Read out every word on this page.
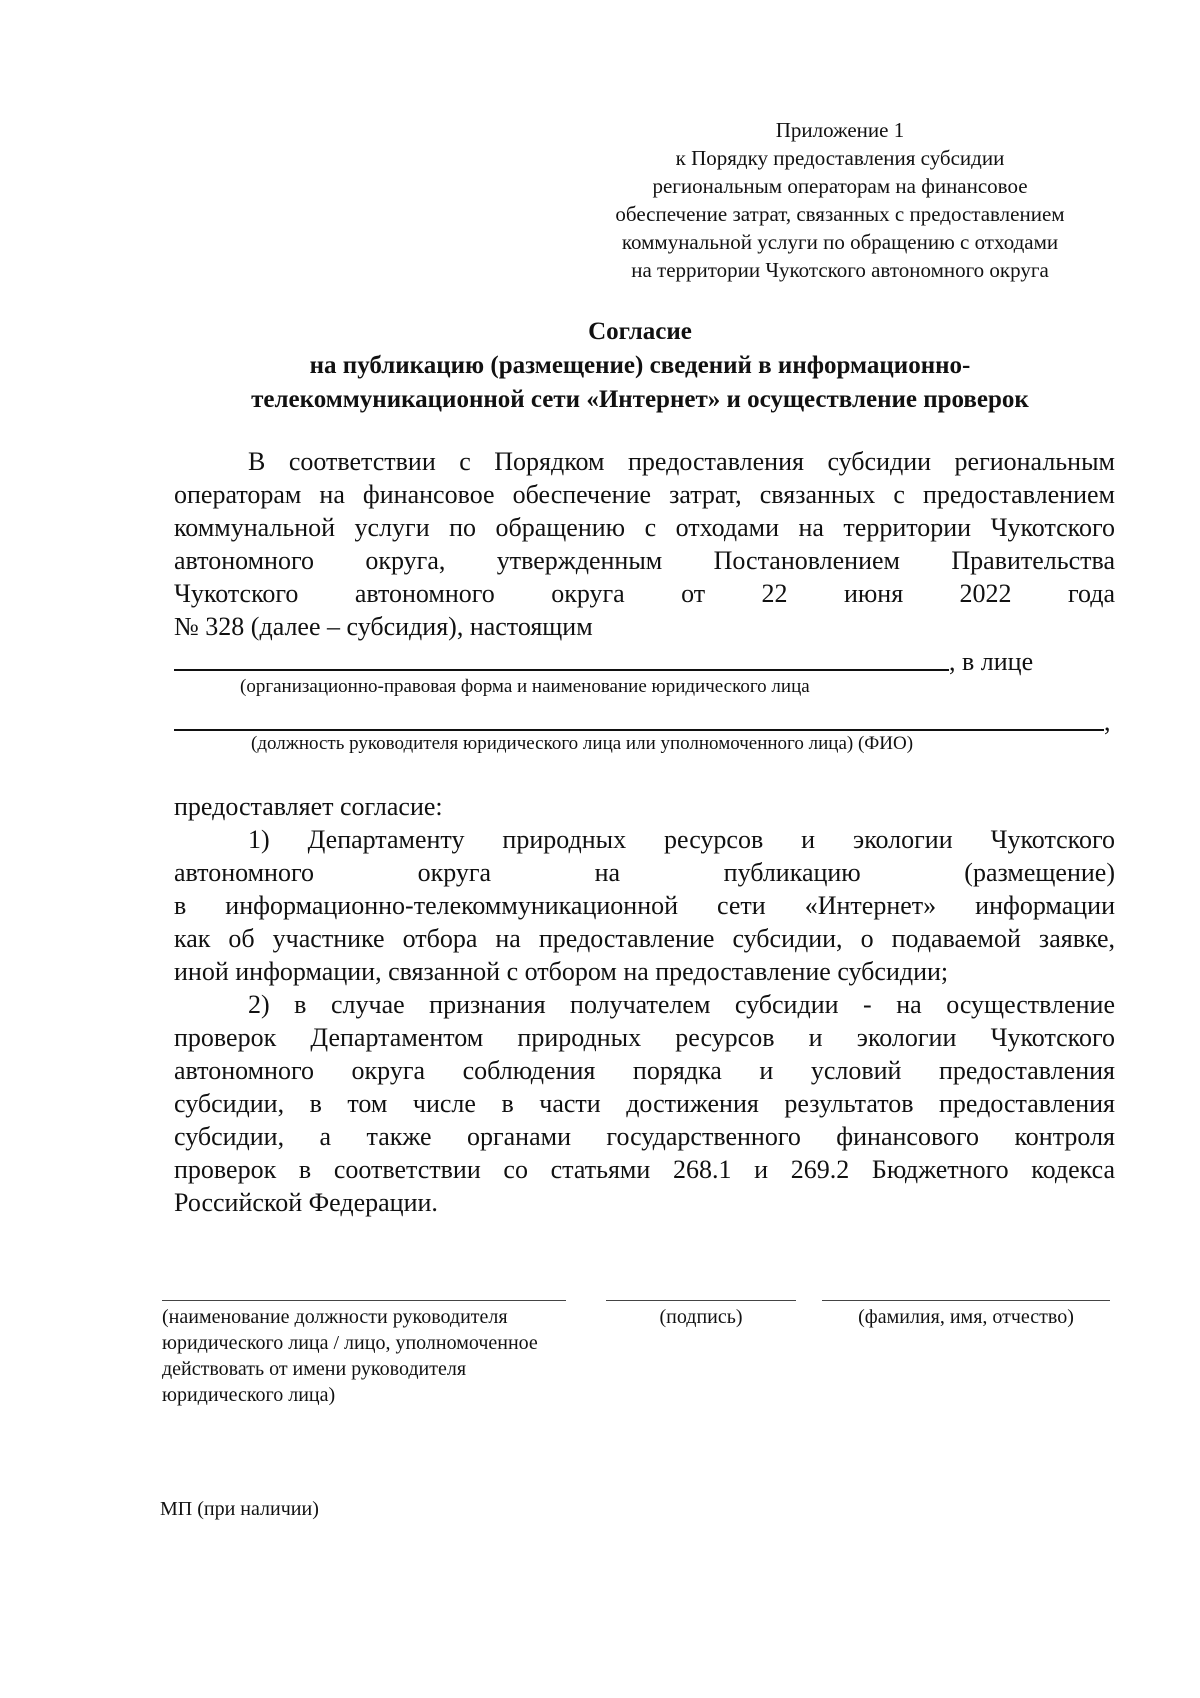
Приложение 1
к Порядку предоставления субсидии
региональным операторам на финансовое
обеспечение затрат, связанных с предоставлением
коммунальной услуги по обращению с отходами
на территории Чукотского автономного округа
Согласие
на публикацию (размещение) сведений в информационно-
телекоммуникационной сети «Интернет» и осуществление проверок
В соответствии с Порядком предоставления субсидии региональным
операторам на финансовое обеспечение затрат, связанных с предоставлением
коммунальной услуги по обращению с отходами на территории Чукотского
автономного округа, утвержденным Постановлением Правительства
Чукотского автономного округа от 22 июня 2022 года
№ 328 (далее – субсидия), настоящим
, в лице
(организационно-правовая форма и наименование юридического лица
,
(должность руководителя юридического лица или уполномоченного лица) (ФИО)
предоставляет согласие:
1) Департаменту природных ресурсов и экологии Чукотского
автономного округа на публикацию (размещение)
в информационно-телекоммуникационной сети «Интернет» информации
как об участнике отбора на предоставление субсидии, о подаваемой заявке,
иной информации, связанной с отбором на предоставление субсидии;
2) в случае признания получателем субсидии - на осуществление
проверок Департаментом природных ресурсов и экологии Чукотского
автономного округа соблюдения порядка и условий предоставления
субсидии, в том числе в части достижения результатов предоставления
субсидии, а также органами государственного финансового контроля
проверок в соответствии со статьями 268.1 и 269.2 Бюджетного кодекса
Российской Федерации.
(наименование должности руководителя юридического лица / лицо, уполномоченное действовать от имени руководителя юридического лица)
(подпись)	(фамилия, имя, отчество)
МП (при наличии)
